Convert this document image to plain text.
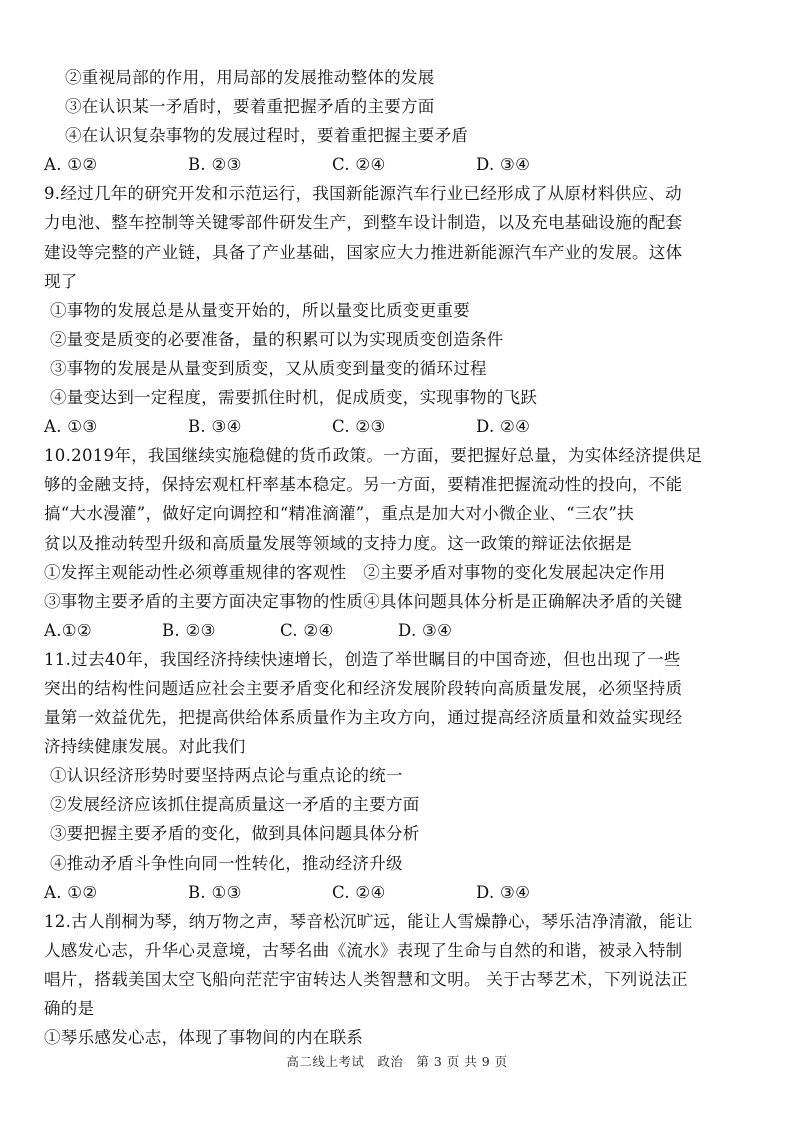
②重视局部的作用，用局部的发展推动整体的发展
③在认识某一矛盾时，要着重把握矛盾的主要方面
④在认识复杂事物的发展过程时，要着重把握主要矛盾
A. ①②	B. ②③	C. ②④	D. ③④
9.经过几年的研究开发和示范运行，我国新能源汽车行业已经形成了从原材料供应、动
力电池、整车控制等关键零部件研发生产，到整车设计制造，以及充电基础设施的配套
建设等完整的产业链，具备了产业基础，国家应大力推进新能源汽车产业的发展。这体
现了
①事物的发展总是从量变开始的，所以量变比质变更重要
②量变是质变的必要准备，量的积累可以为实现质变创造条件
③事物的发展是从量变到质变，又从质变到量变的循环过程
④量变达到一定程度，需要抓住时机，促成质变，实现事物的飞跃
A. ①③	B. ③④	C. ②③	D. ②④
10.2019年，我国继续实施稳健的货币政策。一方面，要把握好总量，为实体经济提供足
够的金融支持，保持宏观杠杆率基本稳定。另一方面，要精准把握流动性的投向，不能
搞“大水漫灌”，做好定向调控和“精准滴灌”，重点是加大对小微企业、“三农”扶
贫以及推动转型升级和高质量发展等领域的支持力度。这一政策的辩证法依据是
①发挥主观能动性必须尊重规律的客观性　②主要矛盾对事物的变化发展起决定作用
③事物主要矛盾的主要方面决定事物的性质④具体问题具体分析是正确解决矛盾的关键
A.①②	B. ②③	C. ②④	D. ③④
11.过去40年，我国经济持续快速增长，创造了举世瞩目的中国奇迹，但也出现了一些
突出的结构性问题适应社会主要矛盾变化和经济发展阶段转向高质量发展，必须坚持质
量第一效益优先，把提高供给体系质量作为主攻方向，通过提高经济质量和效益实现经
济持续健康发展。对此我们
①认识经济形势时要坚持两点论与重点论的统一
②发展经济应该抓住提高质量这一矛盾的主要方面
③要把握主要矛盾的变化，做到具体问题具体分析
④推动矛盾斗争性向同一性转化，推动经济升级
A. ①②	B. ①③	C. ②④	D. ③④
12.古人削桐为琴，纳万物之声，琴音松沉旷远，能让人雪燥静心，琴乐洁净清澈，能让
人感发心志，升华心灵意境，古琴名曲《流水》表现了生命与自然的和谐，被录入特制
唱片，搭载美国太空飞船向茫茫宇宙转达人类智慧和文明。 关于古琴艺术，下列说法正
确的是
①琴乐感发心志，体现了事物间的内在联系
高二线上考试　政治　第 3 页 共 9 页
